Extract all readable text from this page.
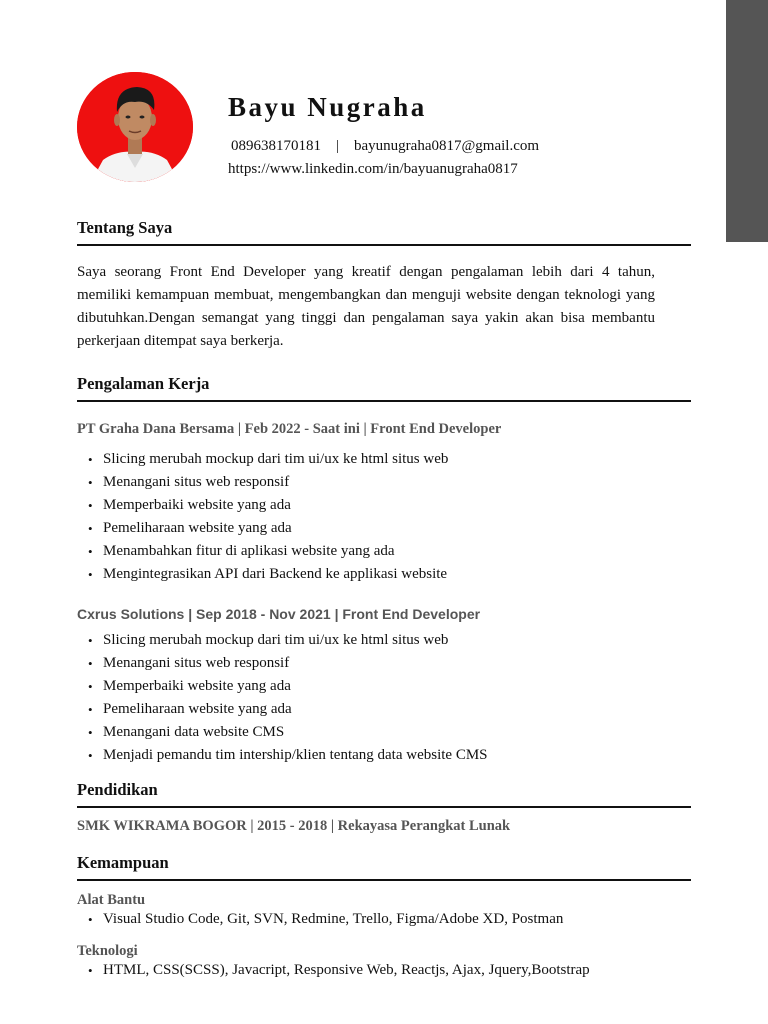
Bayu Nugraha
089638170181 | bayunugraha0817@gmail.com
https://www.linkedin.com/in/bayuanugraha0817
Tentang Saya
Saya seorang Front End Developer yang kreatif dengan pengalaman lebih dari 4 tahun, memiliki kemampuan membuat, mengembangkan dan menguji website dengan teknologi yang dibutuhkan.Dengan semangat yang tinggi dan pengalaman saya yakin akan bisa membantu perkerjaan ditempat saya berkerja.
Pengalaman Kerja
PT Graha Dana Bersama | Feb 2022 - Saat ini | Front End Developer
• Slicing merubah mockup dari tim ui/ux ke html situs web
• Menangani situs web responsif
• Memperbaiki website yang ada
• Pemeliharaan website yang ada
• Menambahkan fitur di aplikasi website yang ada
• Mengintegrasikan API dari Backend ke applikasi website
Cxrus Solutions | Sep 2018 - Nov 2021 | Front End Developer
• Slicing merubah mockup dari tim ui/ux ke html situs web
• Menangani situs web responsif
• Memperbaiki website yang ada
• Pemeliharaan website yang ada
• Menangani data website CMS
• Menjadi pemandu tim intership/klien tentang data website CMS
Pendidikan
SMK WIKRAMA BOGOR | 2015 - 2018 | Rekayasa Perangkat Lunak
Kemampuan
Alat Bantu
• Visual Studio Code, Git, SVN, Redmine, Trello, Figma/Adobe XD, Postman
Teknologi
• HTML, CSS(SCSS), Javacript, Responsive Web, Reactjs, Ajax, Jquery,Bootstrap
